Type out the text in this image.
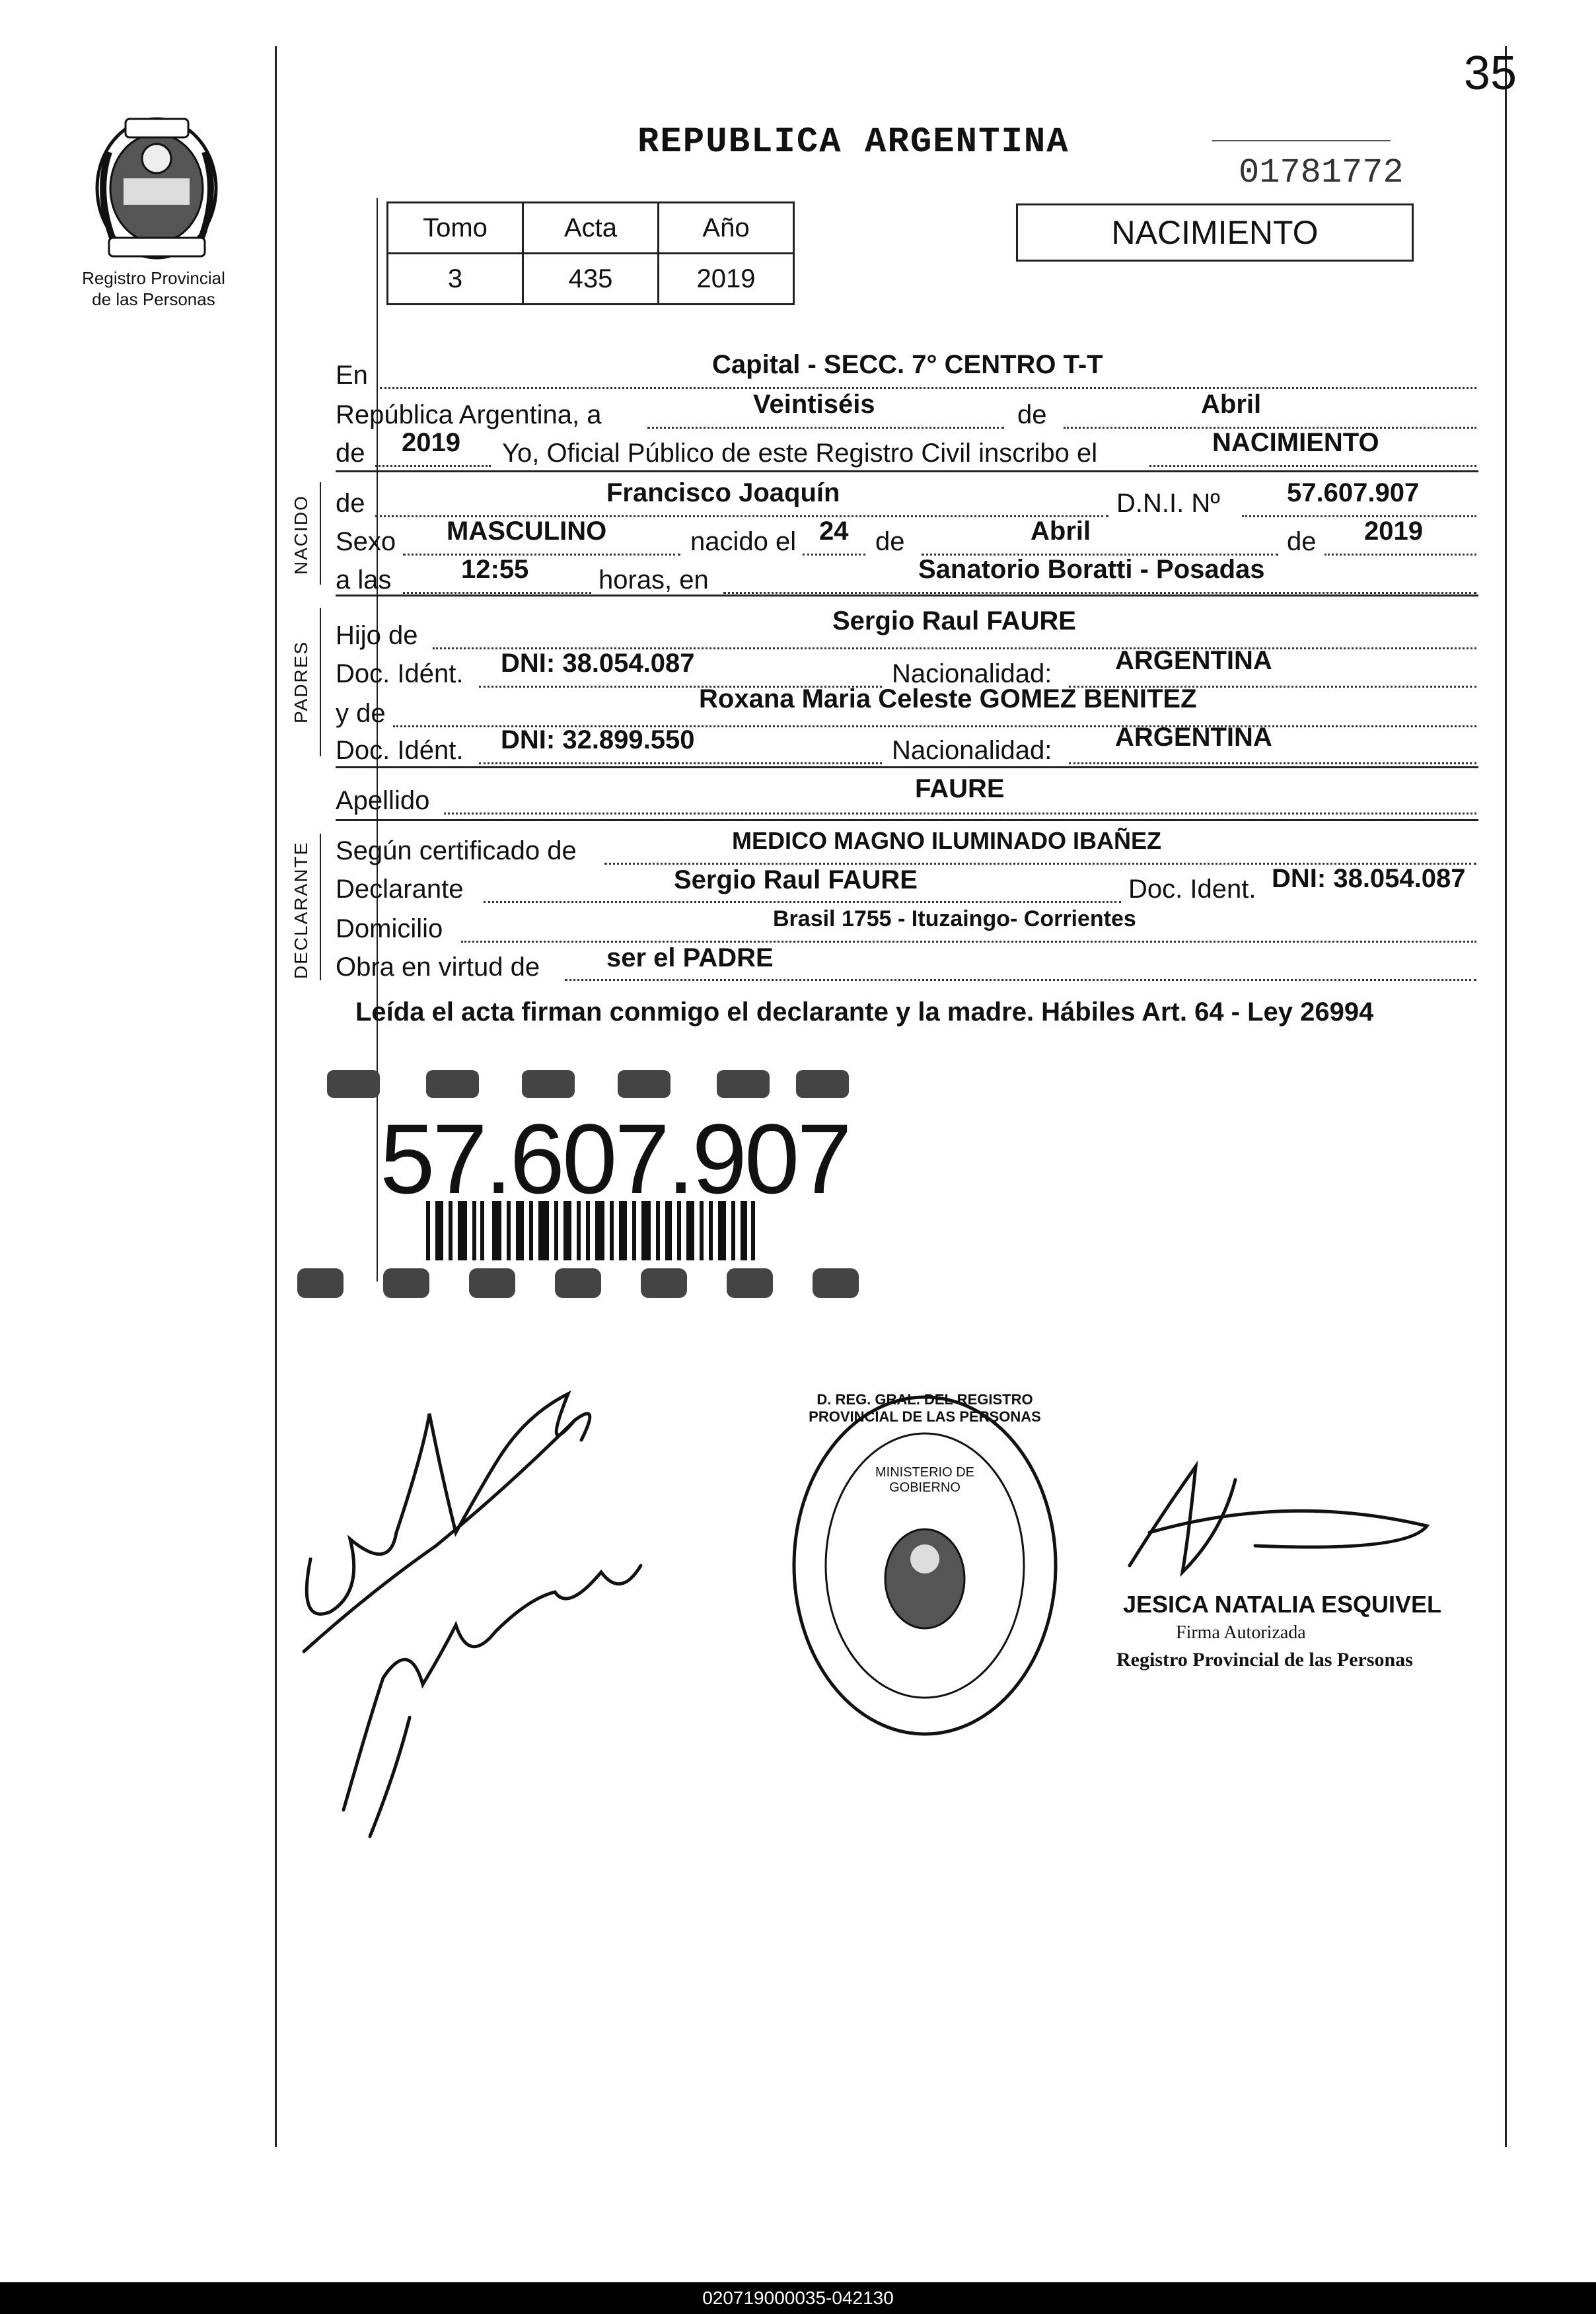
35
Registro Provincial
de las Personas
REPUBLICA ARGENTINA
01781772
Tomo	Acta	Año
3	435	2019
NACIMIENTO
En	Capital - SECC. 7° CENTRO T-T
República Argentina, a	Veintiséis	de	Abril
de 2019 Yo, Oficial Público de este Registro Civil inscribo el	NACIMIENTO
NACIDO de	Francisco Joaquín	D.N.I. Nº	57.607.907
Sexo MASCULINO	nacido el 24 de	Abril	de 2019
a las	12:55	horas, en	Sanatorio Boratti - Posadas
PADRES
Hijo de	Sergio Raul FAURE
Doc. Idént. DNI: 38.054.087	Nacionalidad: ARGENTINA
y de	Roxana Maria Celeste GOMEZ BENITEZ
Doc. Idént. DNI: 32.899.550	Nacionalidad: ARGENTINA
Apellido	FAURE
DECLARANTE Según certificado de	MEDICO MAGNO ILUMINADO IBAÑEZ
Declarante	Sergio Raul FAURE	Doc. Ident. DNI: 38.054.087
Domicilio	Brasil 1755 - Ituzaingo- Corrientes
Obra en virtud de	ser el PADRE
Leída el acta firman conmigo el declarante y la madre. Hábiles Art. 64 - Ley 26994
57.607.907
D. REG. GRAL. DEL REGISTRO PROVINCIAL DE LAS PERSONAS
MINISTERIO DE GOBIERNO
JESICA NATALIA ESQUIVEL
Firma Autorizada
Registro Provincial de las Personas
020719000035-042130
